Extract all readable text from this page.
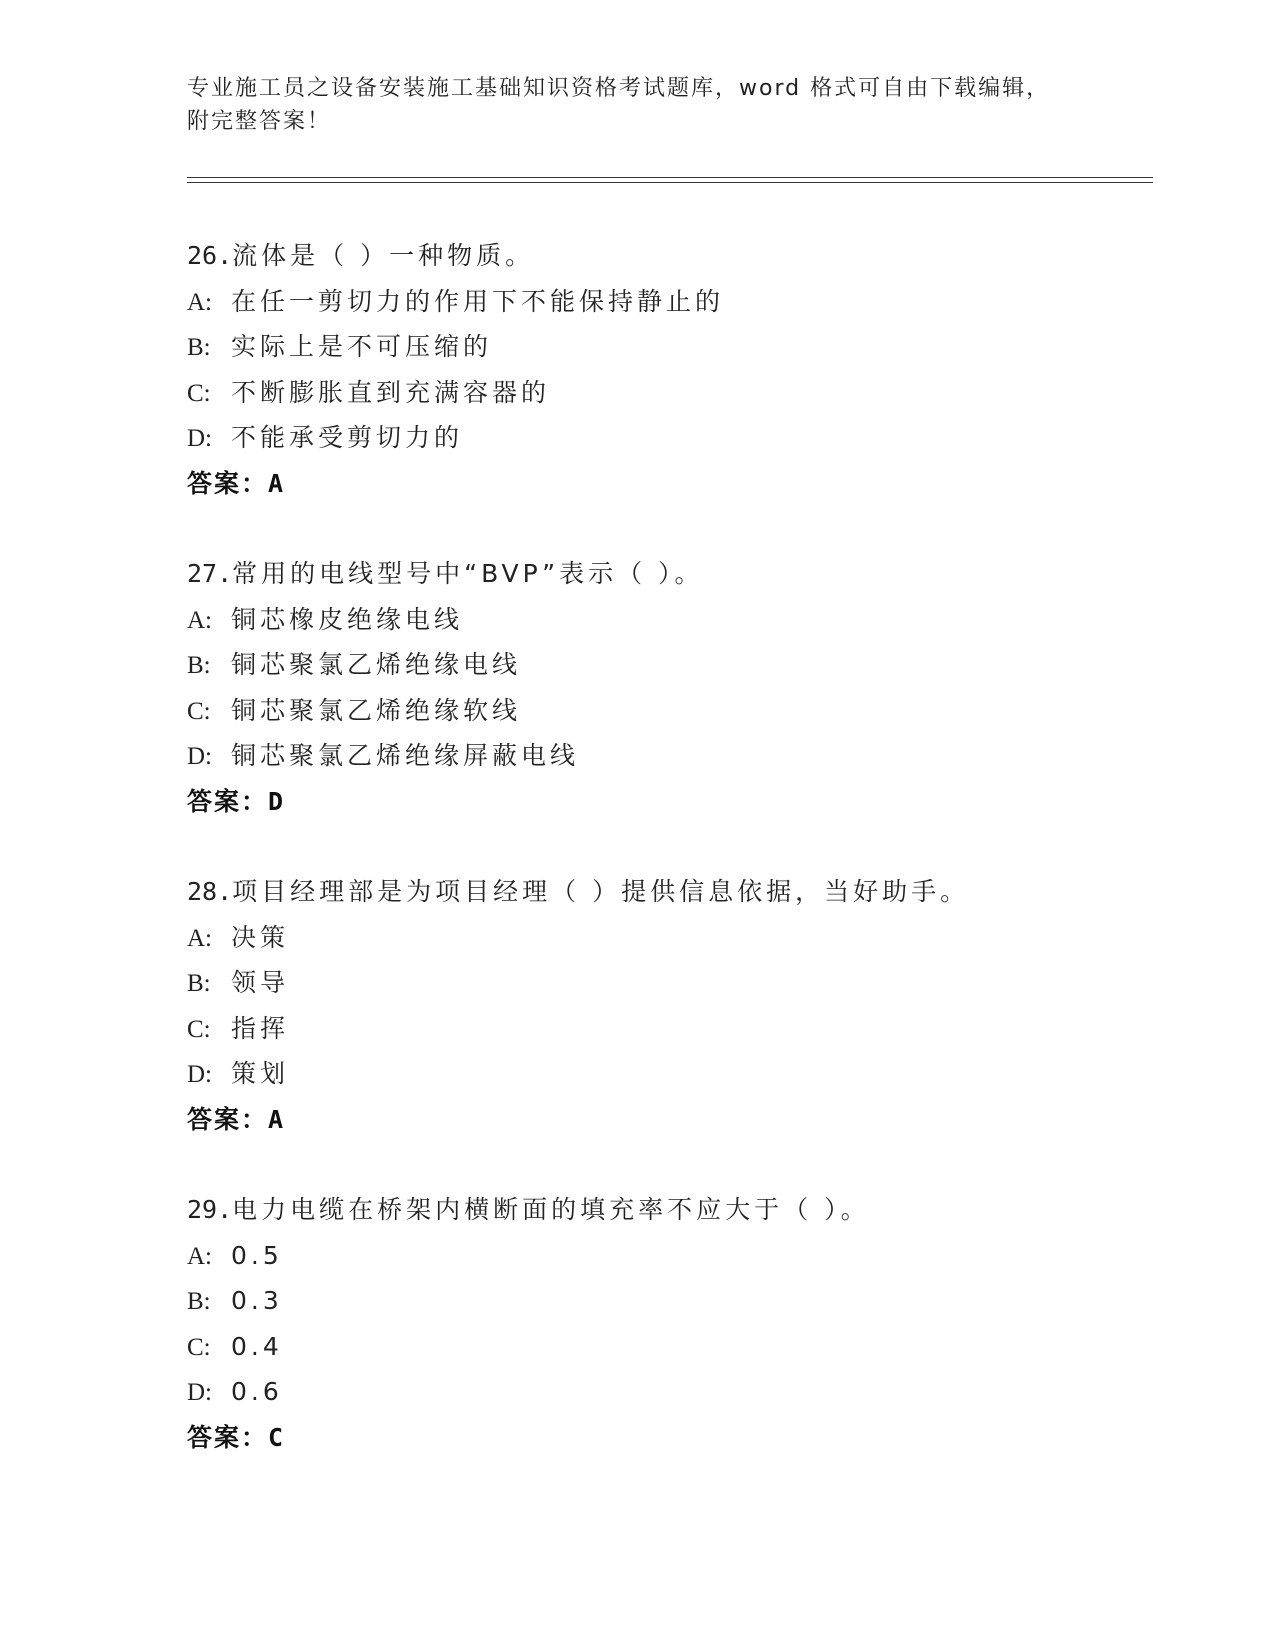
专业施工员之设备安装施工基础知识资格考试题库，word 格式可自由下载编辑，
附完整答案！
26.流体是（ ）一种物质。
A: 在任一剪切力的作用下不能保持静止的
B: 实际上是不可压缩的
C: 不断膨胀直到充满容器的
D: 不能承受剪切力的
答案：A
27.常用的电线型号中“BVP”表示（ ）。
A: 铜芯橡皮绝缘电线
B: 铜芯聚氯乙烯绝缘电线
C: 铜芯聚氯乙烯绝缘软线
D: 铜芯聚氯乙烯绝缘屏蔽电线
答案：D
28.项目经理部是为项目经理（ ）提供信息依据，当好助手。
A: 决策
B: 领导
C: 指挥
D: 策划
答案：A
29.电力电缆在桥架内横断面的填充率不应大于（ ）。
A: 0.5
B: 0.3
C: 0.4
D: 0.6
答案：C
